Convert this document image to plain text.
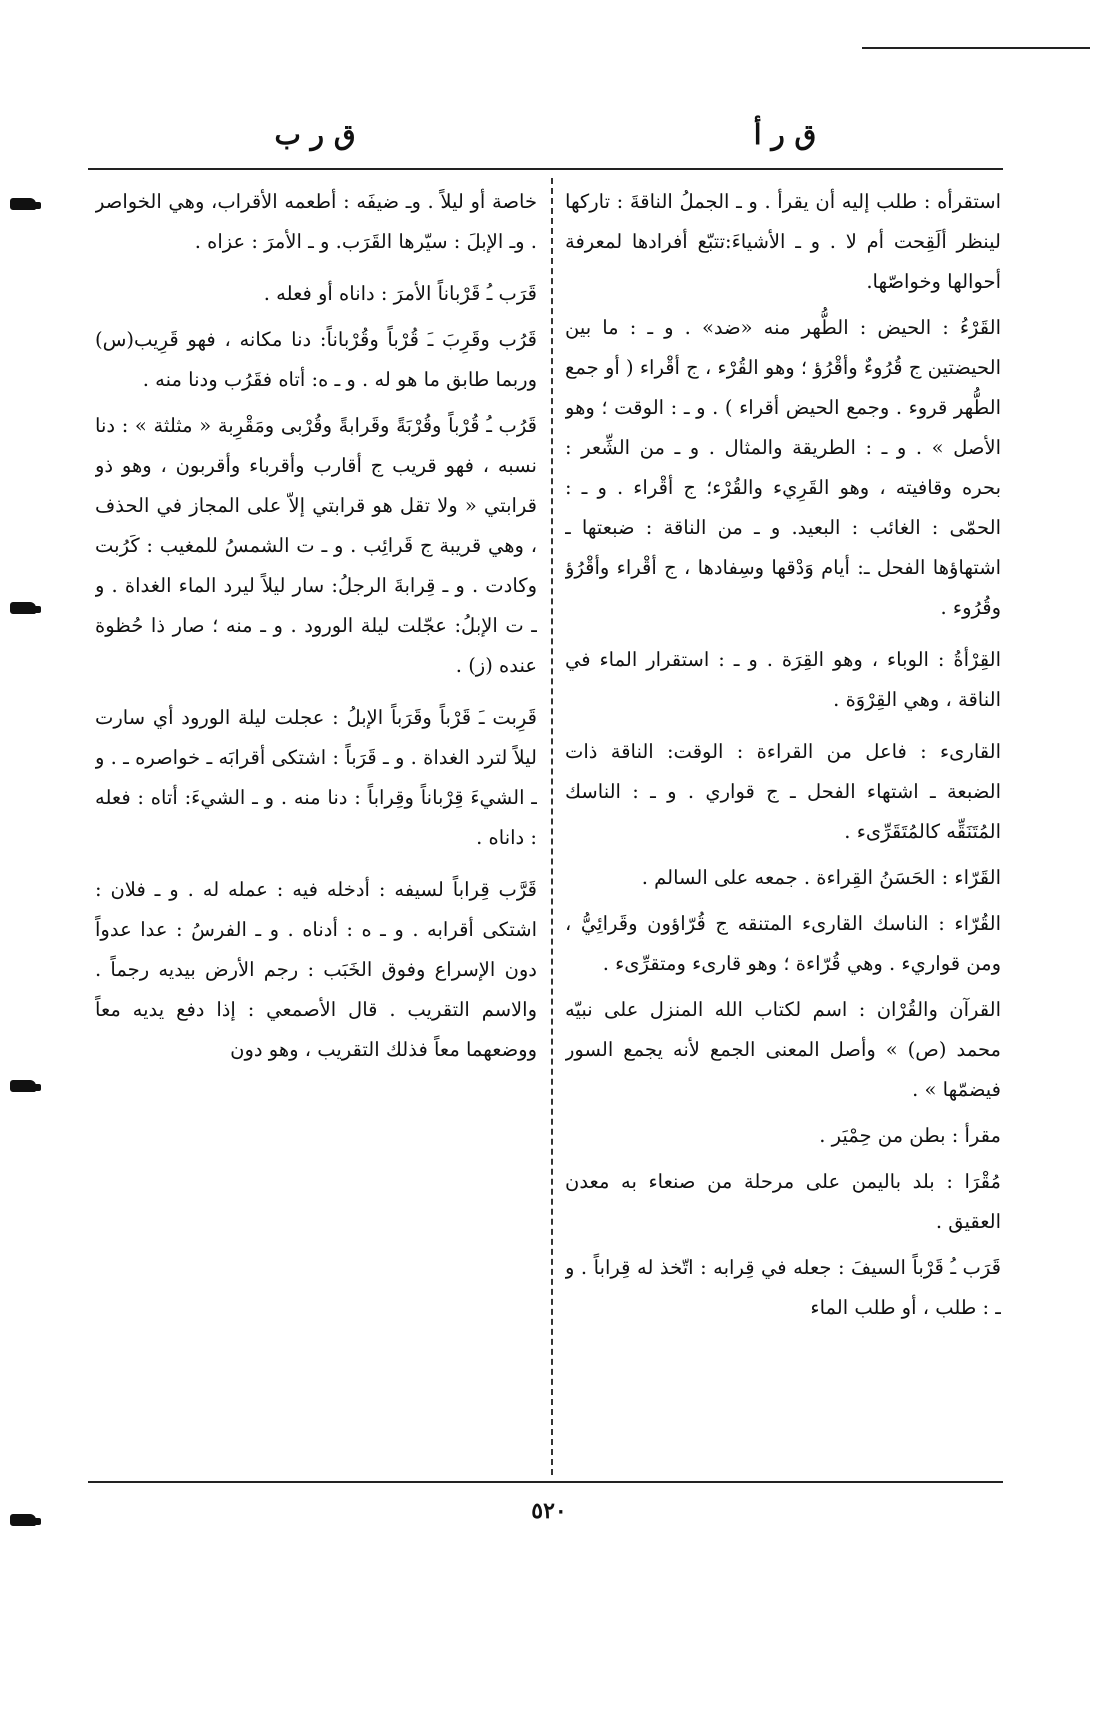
ق ر أ
ق ر ب

استقرأه : طلب إليه أن يقرأ . و ـ الجملُ الناقةَ : تاركها لينظر ألَقِحت أم لا . و ـ الأشياءَ:تتبّع أفرادها لمعرفة أحوالها وخواصّها.

القَرْءُ : الحيض : الطُّهر منه «ضد» . و ـ : ما بين الحيضتين ج قُرُوءٌ وأقْرُؤ ؛ وهو القُرْء ، ج أقْراء ( أو جمع الطُّهر قروء . وجمع الحيض أقراء ) . و ـ : الوقت ؛ وهو الأصل » . و ـ : الطريقة والمثال . و ـ من الشِّعر : بحره وقافيته ، وهو القَرِيء والقُرْء؛ ج أقْراء . و ـ : الحمّى : الغائب : البعيد. و ـ من الناقة : ضبعتها ـ اشتهاؤها الفحل ـ: أيام وَدْقها وسِفادها ، ج أقْراء وأقْرُؤ وقُرُوء .

القِرْأةُ : الوباء ، وهو القِرَة . و ـ : استقرار الماء في الناقة ، وهي القِرْوَة .

القارىء : فاعل من القراءة : الوقت: الناقة ذات الضبعة ـ اشتهاء الفحل ـ ج قواري . و ـ : الناسك المُتَنَقِّه كالمُتَقَرِّىء .

القَرّاء : الحَسَنُ القِراءة . جمعه على السالم .

القُرّاء : الناسك القارىء المتنقه ج قُرّاؤون وقَرائِيُّ ، ومن قواريء . وهي قُرّاءة ؛ وهو قارىء ومتقرِّىء .

القرآن والقُرْان : اسم لكتاب الله المنزل على نبيّه محمد (ص) » وأصل المعنى الجمع لأنه يجمع السور فيضمّها » .

مقرأ : بطن من حِمْيَر .

مُقْرَا : بلد باليمن على مرحلة من صنعاء به معدن العقيق .

قَرَب ـُ قَرْباً السيفَ : جعله في قِرابه : اتّخذ له قِراباً . و ـ : طلب ، أو طلب الماء

خاصة أو ليلاً . وـ ضيفَه : أطعمه الأقراب، وهي الخواصر . وـ الإبلَ : سيّرها القَرَب. و ـ الأمرَ : عزاه .

قَرَب ـُ قَرْباناً الأمرَ : داناه أو فعله .

قَرُب وقَرِبَ ـَ قُرْباً وقُرْباناً: دنا مكانه ، فهو قَرِيب(س) وربما طابق ما هو له . و ـ ه: أتاه فقَرُب ودنا منه .

قَرُب ـُ قُرْباً وقُرْبَةً وقَرابةً وقُرْبى ومَقْرِبة « مثلثة » : دنا نسبه ، فهو قريب ج أقارب وأقرباء وأقربون ، وهو ذو قرابتي « ولا تقل هو قرابتي إلاّ على المجاز في الحذف ، وهي قريبة ج قَرائِب . و ـ ت الشمسُ للمغيب : كَرُبت وكادت . و ـ قِرابةَ الرجلُ: سار ليلاً ليرد الماء الغداة . و ـ ت الإبلُ: عجّلت ليلة الورود . و ـ منه ؛ صار ذا حُظوة عنده (ز) .

قَرِبت ـَ قَرْباً وقَرَباً الإبلُ : عجلت ليلة الورود أي سارت ليلاً لترد الغداة . و ـ قَرَباً : اشتكى أقرابَه ـ خواصره ـ . و ـ الشيءَ قِرْباناً وقِراباً : دنا منه . و ـ الشيءَ: أتاه : فعله : داناه .

قَرَّب قِراباً لسيفه : أدخله فيه : عمله له . و ـ فلان : اشتكى أقرابه . و ـ ه : أدناه . و ـ الفرسُ : عدا عدواً دون الإسراع وفوق الخَبَب : رجم الأرض بيديه رجماً . والاسم التقريب . قال الأصمعي : إذا دفع يديه معاً ووضعهما معاً فذلك التقريب ، وهو دون

٥٢٠
